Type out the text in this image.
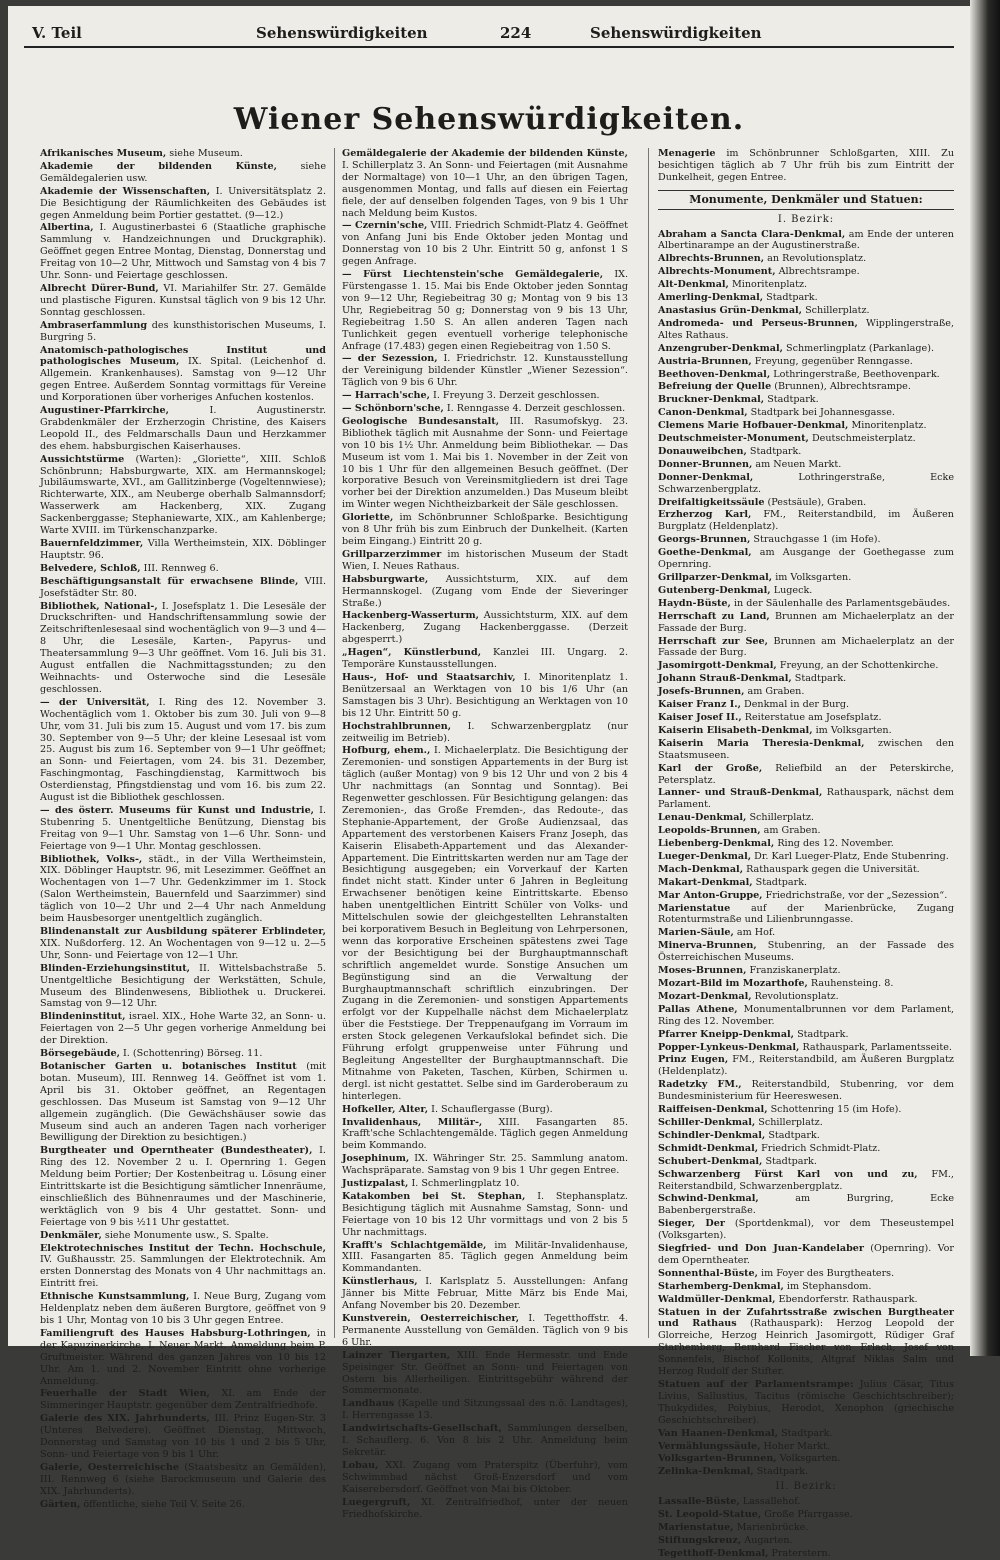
V. Teil	Sehenswürdigkeiten	224	Sehenswürdigkeiten
Wiener Sehenswürdigkeiten.
Afrikanisches Museum, siehe Museum.
Akademie der bildenden Künste, siehe Gemäldegalerien usw.
Akademie der Wissenschaften, I. Universitätsplatz 2. Die Besichtigung der Räumlichkeiten des Gebäudes ist gegen Anmeldung beim Portier gestattet. (9—12.)
Albertina, I. Augustinerbastei 6 (Staatliche graphische Sammlung v. Handzeichnungen und Druckgraphik). Geöffnet gegen Entree Montag, Dienstag, Donnerstag und Freitag von 10—2 Uhr, Mittwoch und Samstag von 4 bis 7 Uhr. Sonn- und Feiertage geschlossen.
Albrecht Dürer-Bund, VI. Mariahilfer Str. 27. Gemälde und plastische Figuren. Kunstsal täglich von 9 bis 12 Uhr. Sonntag geschlossen.
Ambraserfammlung des kunsthistorischen Museums, I. Burgring 5.
Anatomisch-pathologisches Institut und pathologisches Museum, IX. Spital. (Leichenhof d. Allgemein. Krankenhauses). Samstag von 9—12 Uhr gegen Entree. Außerdem Sonntag vormittags für Vereine und Korporationen über vorheriges Anfuchen kostenlos.
Augustiner-Pfarrkirche,	I. Augustinerstr. Grabdenkmäler der Erzherzogin Christine, des Kaisers Leopold II., des Feldmarschalls Daun und Herzkammer des ehem. habsburgischen Kaiserhauses.
Aussichtstürme (Warten): „Gloriette“, XIII. Schloß Schönbrunn; Habsburgwarte, XIX. am Hermannskogel; Jubiläumswarte, XVI., am Gallitzinberge (Vogeltennwiese); Richterwarte, XIX., am Neuberge oberhalb Salmannsdorf; Wasserwerk am Hackenberg, XIX. Zugang Sackenberggasse; Stephaniewarte, XIX., am Kahlenberge; Warte XVIII. im Türkenschanzparke.
Bauernfeldzimmer, Villa Wertheimstein, XIX. Döblinger Hauptstr. 96.
Belvedere, Schloß, III. Rennweg 6.
Beschäftigungsanstalt für erwachsene Blinde, VIII. Josefstädter Str. 80.
Bibliothek, National-, I. Josefsplatz 1. Die Lesesäle der Druckschriften- und Handschriftensammlung sowie der Zeitschriftenlesesaal sind wochentäglich von 9—3 und 4—8 Uhr, die Lesesäle, Karten-, Papyrus- und Theatersammlung 9—3 Uhr geöffnet. Vom 16. Juli bis 31. August entfallen die Nachmittagsstunden; zu den Weihnachts- und Osterwoche sind die Lesesäle geschlossen.
— der Universität, I. Ring des 12. November 3. Wochentäglich vom 1. Oktober bis zum 30. Juli von 9—8 Uhr, vom 31. Juli bis zum 15. August und vom 17. bis zum 30. September von 9—5 Uhr; der kleine Lesesaal ist vom 25. August bis zum 16. September von 9—1 Uhr geöffnet; an Sonn- und Feiertagen, vom 24. bis 31. Dezember, Faschingmontag, Faschingdienstag, Karmittwoch bis Osterdienstag, Pfingstdienstag und vom 16. bis zum 22. August ist die Bibliothek geschlossen.
— des österr. Museums für Kunst und Industrie, I. Stubenring 5. Unentgeltliche Benützung, Dienstag bis Freitag von 9—1 Uhr. Samstag von 1—6 Uhr. Sonn- und Feiertage von 9—1 Uhr. Montag geschlossen.
Bibliothek, Volks-, städt., in der Villa Wertheimstein, XIX. Döblinger Hauptstr. 96, mit Lesezimmer. Geöffnet an Wochentagen von 1—7 Uhr. Gedenkzimmer im 1. Stock (Salon Wertheimstein, Bauernfeld und Saarzimmer) sind täglich von 10—2 Uhr und 2—4 Uhr nach Anmeldung beim Hausbesorger unentgeltlich zugänglich.
Blindenanstalt zur Ausbildung späterer Erblindeter, XIX. Nußdorferg. 12. An Wochentagen von 9—12 u. 2—5 Uhr, Sonn- und Feiertage von 12—1 Uhr.
Blinden-Erziehungsinstitut, II. Wittelsbachstraße 5. Unentgeltliche Besichtigung der Werkstätten, Schule, Museum des Blindenwesens, Bibliothek u. Druckerei. Samstag von 9—12 Uhr.
Blindeninstitut, israel. XIX., Hohe Warte 32, an Sonn- u. Feiertagen von 2—5 Uhr gegen vorherige Anmeldung bei der Direktion.
Börsegebäude, I. (Schottenring) Börseg. 11.
Botanischer Garten u. botanisches Institut (mit botan. Museum), III. Rennweg 14. Geöffnet ist vom 1. April bis 31. Oktober geöffnet, an Regentagen geschlossen. Das Museum ist Samstag von 9—12 Uhr allgemein zugänglich. (Die Gewächshäuser sowie das Museum sind auch an anderen Tagen nach vorheriger Bewilligung der Direktion zu besichtigen.)
Burgtheater und Operntheater (Bundestheater), I. Ring des 12. November 2 u. I. Opernring 1. Gegen Meldung beim Portier; Der Kostenbeitrag u. Lösung einer Eintrittskarte ist die Besichtigung sämtlicher Innenräume, einschließlich des Bühnenraumes und der Maschinerie, werktäglich von 9 bis 4 Uhr gestattet. Sonn- und Feiertage von 9 bis ½11 Uhr gestattet.
Denkmäler, siehe Monumente usw., S. Spalte.
Elektrotechnisches Institut der Techn. Hochschule, IV. Gußhausstr. 25. Sammlungen der Elektrotechnik. Am ersten Donnerstag des Monats von 4 Uhr nachmittags an. Eintritt frei.
Ethnische Kunstsammlung, I. Neue Burg, Zugang vom Heldenplatz neben dem äußeren Burgtore, geöffnet von 9 bis 1 Uhr, Montag von 10 bis 3 Uhr gegen Entree.
Familiengruft des Hauses Habsburg-Lothringen, in der Kapuzinerkirche, I. Neuer Markt. Anmeldung beim P. Gruftmeister. Während des ganzen Jahres von 10 bis 12 Uhr. Am 1. und 2. November Eintritt ohne vorherige Anmeldung.
Feuerhalle der Stadt Wien, XI. am Ende der Simmeringer Hauptstr. gegenüber dem Zentralfriedhofe.
Galerie des XIX. Jahrhunderts, III. Prinz Eugen-Str. 3 (Unteres Belvedere). Geöffnet Dienstag, Mittwoch, Donnerstag und Samstag von 10 bis 1 und 2 bis 5 Uhr, Sonn- und Feiertage von 9 bis 1 Uhr.
Galerie, Oesterreichische (Staatsbesitz an Gemälden), III. Rennweg 6 (siehe Barockmuseum und Galerie des XIX. Jahrhunderts).
Gärten, öffentliche, siehe Teil V. Seite 26.
Gemäldegalerie der Akademie der bildenden Künste, I. Schillerplatz 3. An Sonn- und Feiertagen (mit Ausnahme der Normaltage) von 10—1 Uhr, an den übrigen Tagen, ausgenommen Montag, und falls auf diesen ein Feiertag fiele, der auf denselben folgenden Tages, von 9 bis 1 Uhr nach Meldung beim Kustos.
— Czernin'sche, VIII. Friedrich Schmidt-Platz 4. Geöffnet von Anfang Juni bis Ende Oktober jeden Montag und Donnerstag von 10 bis 2 Uhr. Eintritt 50 g, anfonst 1 S gegen Anfrage.
— Fürst Liechtenstein'sche Gemäldegalerie, IX. Fürstengasse 1. 15. Mai bis Ende Oktober jeden Sonntag von 9—12 Uhr, Regiebeitrag 30 g; Montag von 9 bis 13 Uhr, Regiebeitrag 50 g; Donnerstag von 9 bis 13 Uhr, Regiebeitrag 1.50 S. An allen anderen Tagen nach Tunlichkeit gegen eventuell vorherige telephonische Anfrage (17.483) gegen einen Regiebeitrag von 1.50 S.
— der Sezession, I. Friedrichstr. 12. Kunstausstellung der Vereinigung bildender Künstler „Wiener Sezession“. Täglich von 9 bis 6 Uhr.
— Harrach'sche, I. Freyung 3. Derzeit geschlossen.
— Schönborn'sche, I. Renngasse 4. Derzeit geschlossen.
Geologische Bundesanstalt, III. Rasumofskyg. 23. Bibliothek täglich mit Ausnahme der Sonn- und Feiertage von 10 bis 1½ Uhr. Anmeldung beim Bibliothekar. — Das Museum ist vom 1. Mai bis 1. November in der Zeit von 10 bis 1 Uhr für den allgemeinen Besuch geöffnet. (Der korporative Besuch von Vereinsmitgliedern ist drei Tage vorher bei der Direktion anzumelden.) Das Museum bleibt im Winter wegen Nichtheizbarkeit der Säle geschlossen.
Gloriette, im Schönbrunner Schloßparke. Besichtigung von 8 Uhr früh bis zum Einbruch der Dunkelheit. (Karten beim Eingang.) Eintritt 20 g.
Grillparzerzimmer im historischen Museum der Stadt Wien, I. Neues Rathaus.
Habsburgwarte, Aussichtsturm, XIX. auf dem Hermannskogel. (Zugang vom Ende der Sieveringer Straße.)
Hackenberg-Wasserturm, Aussichtsturm, XIX. auf dem Hackenberg, Zugang Hackenberggasse. (Derzeit abgesperrt.)
„Hagen“, Künstlerbund, Kanzlei III. Ungarg. 2. Temporäre Kunstausstellungen.
Haus-, Hof- und Staatsarchiv, I. Minoritenplatz 1. Benützersaal an Werktagen von 10 bis 1/6 Uhr (an Samstagen bis 3 Uhr). Besichtigung an Werktagen von 10 bis 12 Uhr. Eintritt 50 g.
Hochstrahlbrunnen, I. Schwarzenbergplatz (nur zeitweilig im Betrieb).
Hofburg, ehem., I. Michaelerplatz. Die Besichtigung der Zeremonien- und sonstigen Appartements in der Burg ist täglich (außer Montag) von 9 bis 12 Uhr und von 2 bis 4 Uhr nachmittags (an Sonntag und Sonntag). Bei Regenwetter geschlossen. Für Besichtigung gelangen: das Zeremonien-, das Große Fremden-, das Redoute-, das Stephanie-Appartement, der Große Audienzsaal, das Appartement des verstorbenen Kaisers Franz Joseph, das Kaiserin Elisabeth-Appartement und das Alexander-Appartement. Die Eintrittskarten werden nur am Tage der Besichtigung ausgegeben; ein Vorverkauf der Karten findet nicht statt. Kinder unter 6 Jahren in Begleitung Erwachsener benötigen keine Eintrittskarte. Ebenso haben unentgeltlichen Eintritt Schüler von Volks- und Mittelschulen sowie der gleichgestellten Lehranstalten bei korporativem Besuch in Begleitung von Lehrpersonen, wenn das korporative Erscheinen spätestens zwei Tage vor der Besichtigung bei der Burghauptmannschaft schriftlich angemeldet wurde. Sonstige Ansuchen um Begünstigung sind an die Verwaltung der Burghauptmannschaft schriftlich einzubringen. Der Zugang in die Zeremonien- und sonstigen Appartements erfolgt vor der Kuppelhalle nächst dem Michaelerplatz über die Feststiege. Der Treppenaufgang im Vorraum im ersten Stock gelegenen Verkaufslokal befindet sich. Die Führung erfolgt gruppenweise unter Führung und Begleitung Angestellter der Burghauptmannschaft. Die Mitnahme von Paketen, Taschen, Kürben, Schirmen u. dergl. ist nicht gestattet. Selbe sind im Garderoberaum zu hinterlegen.
Hofkeller, Alter, I. Schauflergasse (Burg).
Invalidenhaus, Militär-, XIII. Fasangarten 85. Krafft'sche Schlachtengemälde. Täglich gegen Anmeldung beim Kommando.
Josephinum, IX. Währinger Str. 25. Sammlung anatom. Wachspräparate. Samstag von 9 bis 1 Uhr gegen Entree.
Justizpalast, I. Schmerlingplatz 10.
Katakomben bei St. Stephan, I. Stephansplatz. Besichtigung täglich mit Ausnahme Samstag, Sonn- und Feiertage von 10 bis 12 Uhr vormittags und von 2 bis 5 Uhr nachmittags.
Krafft's Schlachtgemälde, im Militär-Invalidenhause, XIII. Fasangarten 85. Täglich gegen Anmeldung beim Kommandanten.
Künstlerhaus, I. Karlsplatz 5. Ausstellungen: Anfang Jänner bis Mitte Februar, Mitte März bis Ende Mai, Anfang November bis 20. Dezember.
Kunstverein, Oesterreichischer, I. Tegetthoffstr. 4. Permanente Ausstellung von Gemälden. Täglich von 9 bis 6 Uhr.
Lainzer Tiergarten, XIII. Ende Hermesstr. und Ende Speisinger Str. Geöffnet an Sonn- und Feiertagen von Ostern bis Allerheiligen. Eintrittsgebühr während der Sommermonate.
Landhaus (Kapelle und Sitzungssaal des n.ö. Landtages), I. Herrengasse 13.
Landwirtschafts-Gesellschaft, Sammlungen derselben, I. Schauflerg. 6. Von 8 bis 2 Uhr. Anmeldung beim Sekretär.
Lobau, XXI. Zugang vom Praterspitz (Überfuhr), vom Schwimmbad nächst Groß-Enzersdorf und vom Kaiserebersdorf. Geöffnet von Mai bis Oktober.
Luegergruft, XI. Zentralfriedhof, unter der neuen Friedhofskirche.
Menagerie im Schönbrunner Schloßgarten, XIII. Zu besichtigen täglich ab 7 Uhr früh bis zum Eintritt der Dunkelheit, gegen Entree.
Monumente, Denkmäler und Statuen:
I. Bezirk:
Abraham a Sancta Clara-Denkmal, am Ende der unteren Albertinarampe an der Augustinerstraße.
Albrechts-Brunnen, an Revolutionsplatz.
Albrechts-Monument, Albrechtsrampe.
Alt-Denkmal, Minoritenplatz.
Amerling-Denkmal, Stadtpark.
Anastasius Grün-Denkmal, Schillerplatz.
Andromeda- und Perseus-Brunnen, Wipplingerstraße, Altes Rathaus.
Anzengruber-Denkmal, Schmerlingplatz (Parkanlage).
Austria-Brunnen, Freyung, gegenüber Renngasse.
Beethoven-Denkmal, Lothringerstraße, Beethovenpark.
Befreiung der Quelle (Brunnen), Albrechtsrampe.
Bruckner-Denkmal, Stadtpark.
Canon-Denkmal, Stadtpark bei Johannesgasse.
Clemens Marie Hofbauer-Denkmal, Minoritenplatz.
Deutschmeister-Monument, Deutschmeisterplatz.
Donauweibchen, Stadtpark.
Donner-Brunnen, am Neuen Markt.
Donner-Denkmal,	Lothringerstraße, Ecke Schwarzenbergplatz.
Dreifaltigkeitssäule (Pestsäule), Graben.
Erzherzog Karl, FM., Reiterstandbild, im Äußeren Burgplatz (Heldenplatz).
Georgs-Brunnen, Strauchgasse 1 (im Hofe).
Goethe-Denkmal, am Ausgange der Goethegasse zum Opernring.
Grillparzer-Denkmal, im Volksgarten.
Gutenberg-Denkmal, Lugeck.
Haydn-Büste, in der Säulenhalle des Parlamentsgebäudes.
Herrschaft zu Land, Brunnen am Michaelerplatz an der Fassade der Burg.
Herrschaft zur See, Brunnen am Michaelerplatz an der Fassade der Burg.
Jasomirgott-Denkmal, Freyung, an der Schottenkirche.
Johann Strauß-Denkmal, Stadtpark.
Josefs-Brunnen, am Graben.
Kaiser Franz I., Denkmal in der Burg.
Kaiser Josef II., Reiterstatue am Josefsplatz.
Kaiserin Elisabeth-Denkmal, im Volksgarten.
Kaiserin Maria Theresia-Denkmal, zwischen den Staatsmuseen.
Karl der Große, Reliefbild an der Peterskirche, Petersplatz.
Lanner- und Strauß-Denkmal, Rathauspark, nächst dem Parlament.
Lenau-Denkmal, Schillerplatz.
Leopolds-Brunnen, am Graben.
Liebenberg-Denkmal, Ring des 12. November.
Lueger-Denkmal, Dr. Karl Lueger-Platz, Ende Stubenring.
Mach-Denkmal, Rathauspark gegen die Universität.
Makart-Denkmal, Stadtpark.
Mar Anton-Gruppe, Friedrichstraße, vor der „Sezession“.
Marienstatue auf der Marienbrücke, Zugang Rotenturmstraße und Lilienbrunngasse.
Marien-Säule, am Hof.
Minerva-Brunnen, Stubenring, an der Fassade des Österreichischen Museums.
Moses-Brunnen, Franziskanerplatz.
Mozart-Bild im Mozarthofe, Rauhensteing. 8.
Mozart-Denkmal, Revolutionsplatz.
Pallas Athene, Monumentalbrunnen vor dem Parlament, Ring des 12. November.
Pfarrer Kneipp-Denkmal, Stadtpark.
Popper-Lynkeus-Denkmal, Rathauspark, Parlamentsseite.
Prinz Eugen, FM., Reiterstandbild, am Äußeren Burgplatz (Heldenplatz).
Radetzky FM., Reiterstandbild, Stubenring, vor dem Bundesministerium für Heereswesen.
Raiffeisen-Denkmal, Schottenring 15 (im Hofe).
Schiller-Denkmal, Schillerplatz.
Schindler-Denkmal, Stadtpark.
Schmidt-Denkmal, Friedrich Schmidt-Platz.
Schubert-Denkmal, Stadtpark.
Schwarzenberg Fürst Karl von und zu, FM., Reiterstandbild, Schwarzenbergplatz.
Schwind-Denkmal,	am Burgring, Ecke Babenbergerstraße.
Sieger, Der (Sportdenkmal), vor dem Theseustempel (Volksgarten).
Siegfried- und Don Juan-Kandelaber (Opernring). Vor dem Operntheater.
Sonnenthal-Büste, im Foyer des Burgtheaters.
Starhemberg-Denkmal, im Stephansdom.
Waldmüller-Denkmal, Ebendorferstr. Rathauspark.
Statuen in der Zufahrtsstraße zwischen Burgtheater und Rathaus (Rathauspark): Herzog Leopold der Glorreiche, Herzog Heinrich Jasomirgott, Rüdiger Graf Starhemberg, Bernhard Fischer von Erlach, Josef von Sonnenfels, Bischof Kollonits, Altgraf Niklas Salm und Herzog Rudolf der Stifter.
Statuen auf der Parlamentsrampe: Julius Cäsar, Titus Livius, Sallustius, Tacitus (römische Geschichtschreiber); Thukydides, Polybius, Herodot, Xenophon (griechische Geschichtschreiber).
Van Haanen-Denkmal, Stadtpark.
Vermählungssäule, Hoher Markt.
Volksgarten-Brunnen, Volksgarten.
Zelinka-Denkmal, Stadtpark.
II. Bezirk:
Lassalle-Büste, Lassallehof.
St. Leopold-Statue, Große Pfarrgasse.
Marienstatue, Marienbrücke.
Stiftungskreuz, Augarten.
Tegetthoff-Denkmal, Praterstern.
